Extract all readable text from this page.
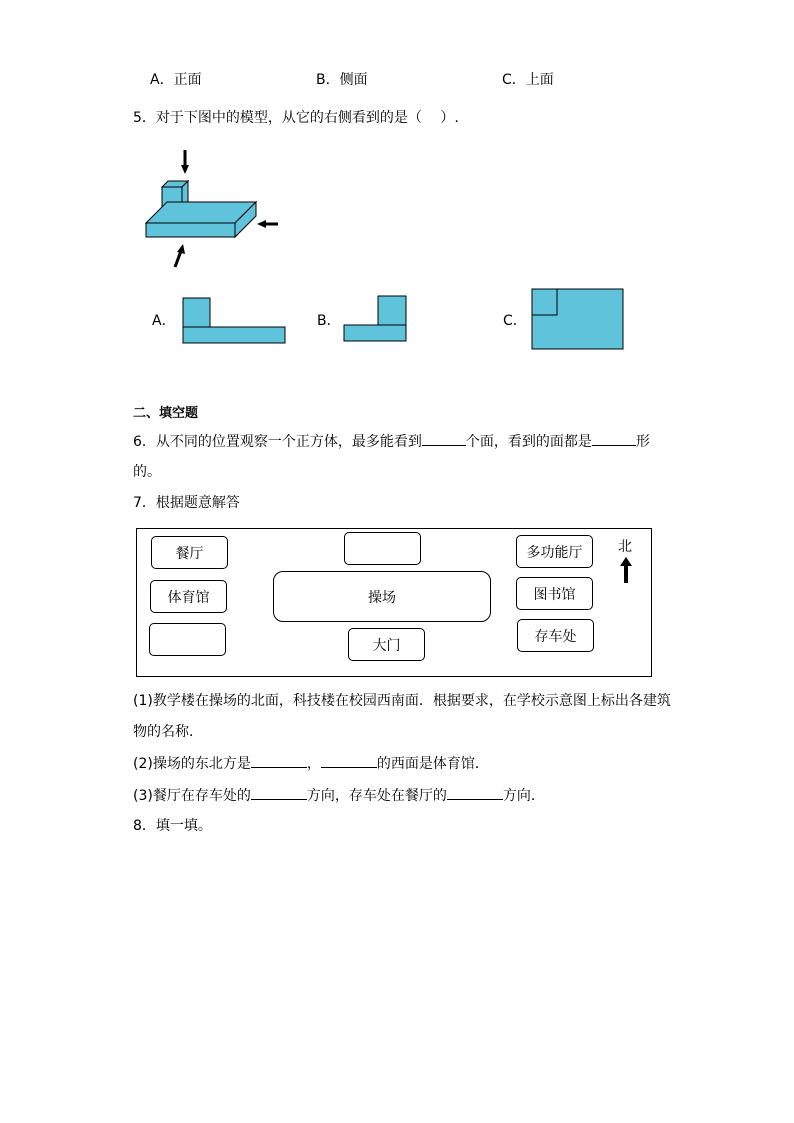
A．正面	B．侧面	C．上面
5．对于下图中的模型，从它的右侧看到的是（　 ）.
A．	B．	C．
二、填空题
6．从不同的位置观察一个正方体，最多能看到	个面，看到的面都是	形
的。
7．根据题意解答
餐厅
体育馆	操场
大门
多功能厅
图书馆
存车处
北
(1)教学楼在操场的北面，科技楼在校园西南面．根据要求，在学校示意图上标出各建筑
物的名称．
(2)操场的东北方是	，	的西面是体育馆．
(3)餐厅在存车处的	方向，存车处在餐厅的	方向．
8．填一填。
